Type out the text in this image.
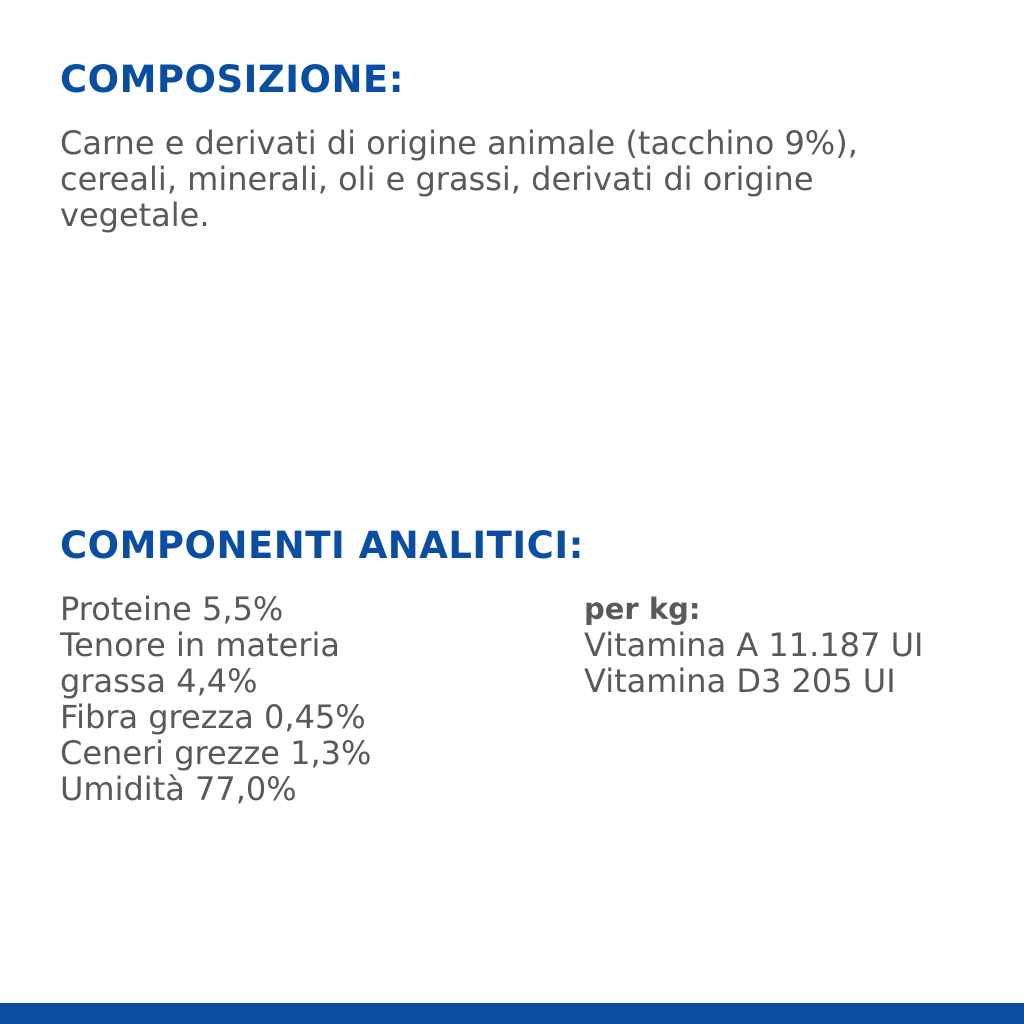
COMPOSIZIONE:
Carne e derivati di origine animale (tacchino 9%),
cereali, minerali, oli e grassi, derivati di origine
vegetale.
COMPONENTI ANALITICI:
Proteine 5,5%
Tenore in materia
grassa 4,4%
Fibra grezza 0,45%
Ceneri grezze 1,3%
Umidità 77,0%
per kg:
Vitamina A 11.187 UI
Vitamina D3 205 UI
